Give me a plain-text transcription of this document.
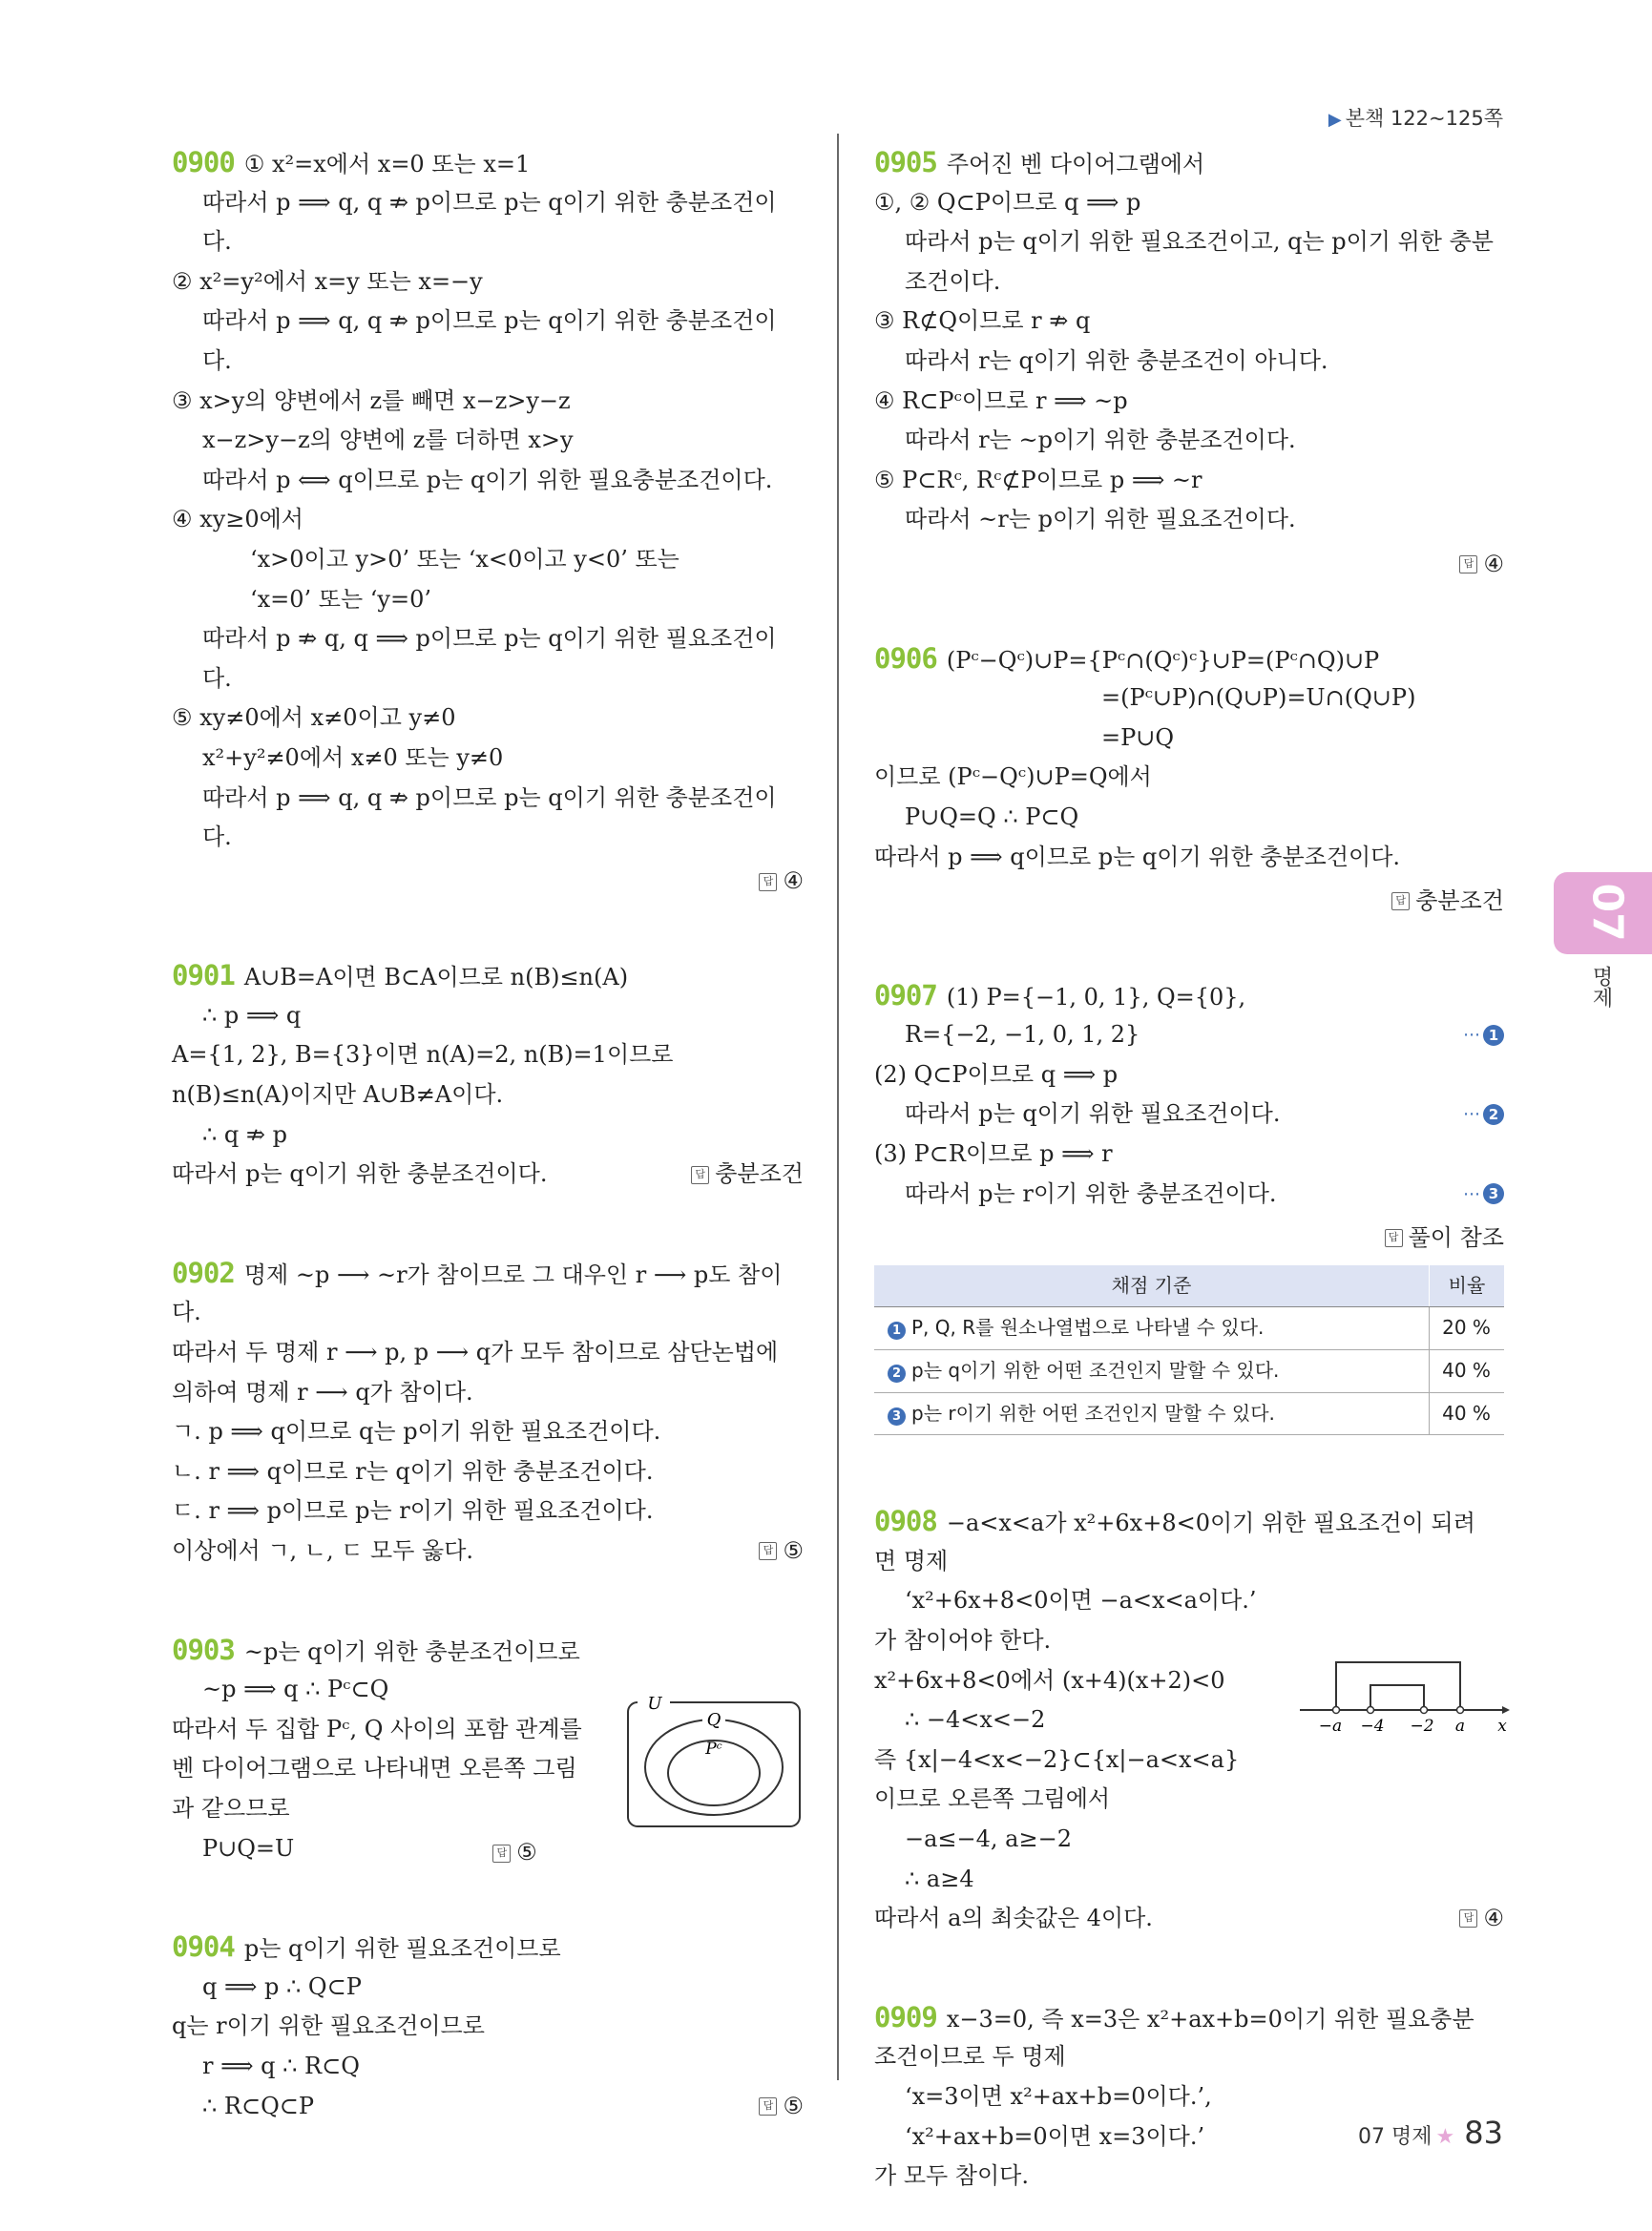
▶ 본책 122~125쪽
0900 ① x²=x에서 x=0 또는 x=1
따라서 p ⟹ q, q ⇏ p이므로 p는 q이기 위한 충분조건이
다.
② x²=y²에서 x=y 또는 x=−y
따라서 p ⟹ q, q ⇏ p이므로 p는 q이기 위한 충분조건이
다.
③ x>y의 양변에서 z를 빼면 x−z>y−z
x−z>y−z의 양변에 z를 더하면 x>y
따라서 p ⟺ q이므로 p는 q이기 위한 필요충분조건이다.
④ xy≥0에서
‘x>0이고 y>0’ 또는 ‘x<0이고 y<0’ 또는
‘x=0’ 또는 ‘y=0’
따라서 p ⇏ q, q ⟹ p이므로 p는 q이기 위한 필요조건이
다.
⑤ xy≠0에서 x≠0이고 y≠0
x²+y²≠0에서 x≠0 또는 y≠0
따라서 p ⟹ q, q ⇏ p이므로 p는 q이기 위한 충분조건이
다.
답 ④
0901 A∪B=A이면 B⊂A이므로 n(B)≤n(A)
∴ p ⟹ q
A={1, 2}, B={3}이면 n(A)=2, n(B)=1이므로
n(B)≤n(A)이지만 A∪B≠A이다.
∴ q ⇏ p
따라서 p는 q이기 위한 충분조건이다.	답 충분조건
0902 명제 ~p ⟶ ~r가 참이므로 그 대우인 r ⟶ p도 참이
다.
따라서 두 명제 r ⟶ p, p ⟶ q가 모두 참이므로 삼단논법에
의하여 명제 r ⟶ q가 참이다.
ㄱ. p ⟹ q이므로 q는 p이기 위한 필요조건이다.
ㄴ. r ⟹ q이므로 r는 q이기 위한 충분조건이다.
ㄷ. r ⟹ p이므로 p는 r이기 위한 필요조건이다.
이상에서 ㄱ, ㄴ, ㄷ 모두 옳다.	답 ⑤
0903 ~p는 q이기 위한 충분조건이므로
~p ⟹ q ∴ Pᶜ⊂Q
따라서 두 집합 Pᶜ, Q 사이의 포함 관계를
벤 다이어그램으로 나타내면 오른쪽 그림
과 같으므로
P∪Q=U	답 ⑤
0904 p는 q이기 위한 필요조건이므로
q ⟹ p ∴ Q⊂P
q는 r이기 위한 필요조건이므로
r ⟹ q ∴ R⊂Q
∴ R⊂Q⊂P	답 ⑤
0905 주어진 벤 다이어그램에서
①, ② Q⊂P이므로 q ⟹ p
따라서 p는 q이기 위한 필요조건이고, q는 p이기 위한 충분
조건이다.
③ R⊄Q이므로 r ⇏ q
따라서 r는 q이기 위한 충분조건이 아니다.
④ R⊂Pᶜ이므로 r ⟹ ~p
따라서 r는 ~p이기 위한 충분조건이다.
⑤ P⊂Rᶜ, Rᶜ⊄P이므로 p ⟹ ~r
따라서 ~r는 p이기 위한 필요조건이다.
답 ④
0906 (Pᶜ−Qᶜ)∪P={Pᶜ∩(Qᶜ)ᶜ}∪P=(Pᶜ∩Q)∪P
=(Pᶜ∪P)∩(Q∪P)=U∩(Q∪P)
=P∪Q
이므로 (Pᶜ−Qᶜ)∪P=Q에서
P∪Q=Q ∴ P⊂Q
따라서 p ⟹ q이므로 p는 q이기 위한 충분조건이다.
답 충분조건
0907 (1) P={−1, 0, 1}, Q={0},
R={−2, −1, 0, 1, 2}	⋯ 1
(2) Q⊂P이므로 q ⟹ p
따라서 p는 q이기 위한 필요조건이다.	⋯ 2
(3) P⊂R이므로 p ⟹ r
따라서 p는 r이기 위한 충분조건이다.	⋯ 3
답 풀이 참조
채점 기준	비율
1 P, Q, R를 원소나열법으로 나타낼 수 있다.	20 %
2 p는 q이기 위한 어떤 조건인지 말할 수 있다.	40 %
3 p는 r이기 위한 어떤 조건인지 말할 수 있다.	40 %
0908 −a<x<a가 x²+6x+8<0이기 위한 필요조건이 되려
면 명제
‘x²+6x+8<0이면 −a<x<a이다.’
가 참이어야 한다.
x²+6x+8<0에서 (x+4)(x+2)<0
∴ −4<x<−2
즉 {x|−4<x<−2}⊂{x|−a<x<a}
이므로 오른쪽 그림에서
−a≤−4, a≥−2
∴ a≥4
따라서 a의 최솟값은 4이다.	답 ④
0909 x−3=0, 즉 x=3은 x²+ax+b=0이기 위한 필요충분
조건이므로 두 명제
‘x=3이면 x²+ax+b=0이다.’,
‘x²+ax+b=0이면 x=3이다.’
가 모두 참이다.
U
Q
Pᶜ
−a −4 −2 a x
07
명제
07 명제 ★ 83
